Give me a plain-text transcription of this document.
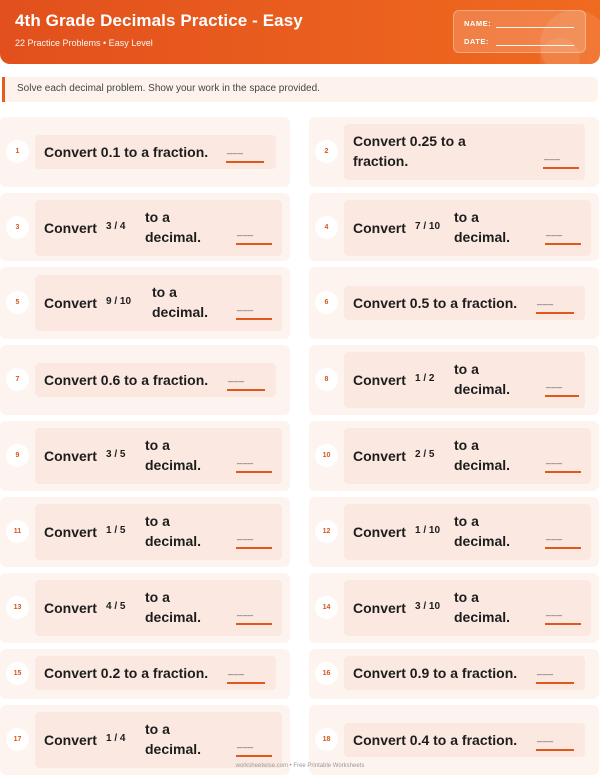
4th Grade Decimals Practice - Easy
22 Practice Problems • Easy Level
NAME:
DATE:
Solve each decimal problem. Show your work in the space provided.
1	Convert 0.1 to a fraction. ___	2
Convert 0.25 to a
fraction.	___
3	Convert 3 / 4
to a
decimal.	___	4	Convert 7 / 10
to a
decimal.	___
5	Convert 9 / 10
to a
decimal.	___	6	Convert 0.5 to a fraction. ___
7	Convert 0.6 to a fraction. ___	8	Convert 1 / 2
to a
decimal.	___
9	Convert 3 / 5
to a
decimal.	___	10	Convert 2 / 5
to a
decimal.	___
11	Convert 1 / 5
to a
decimal.	___	12	Convert 1 / 10
to a
decimal.	___
13	Convert 4 / 5
to a
decimal.	___	14	Convert 3 / 10
to a
decimal.	___
15	Convert 0.2 to a fraction. ___	16	Convert 0.9 to a fraction. ___
17	Convert 1 / 4
to a
decimal.	___	18	Convert 0.4 to a fraction. ___
worksheetwise.com • Free Printable Worksheets
